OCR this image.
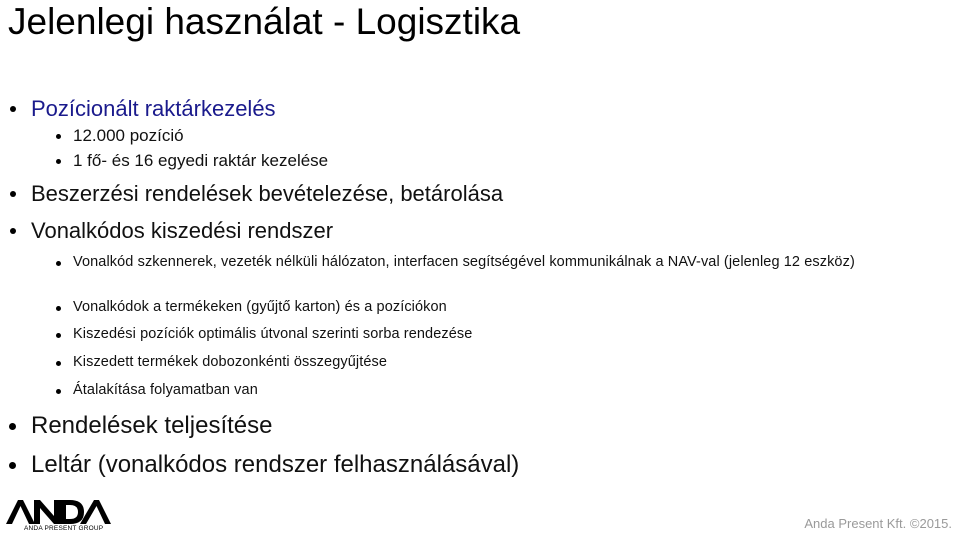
Jelenlegi használat - Logisztika
Pozícionált raktárkezelés
12.000 pozíció
1 fő- és 16 egyedi raktár kezelése
Beszerzési rendelések bevételezése, betárolása
Vonalkódos kiszedési rendszer
Vonalkód szkennerek, vezeték nélküli hálózaton, interfacen segítségével kommunikálnak a NAV-val (jelenleg 12 eszköz)
Vonalkódok a termékeken (gyűjtő karton) és a pozíciókon
Kiszedési pozíciók optimális útvonal szerinti sorba rendezése
Kiszedett termékek dobozonkénti összegyűjtése
Átalakítása folyamatban van
Rendelések teljesítése
Leltár (vonalkódos rendszer felhasználásával)
ANDA PRESENT GROUP	Anda Present Kft. ©2015.
